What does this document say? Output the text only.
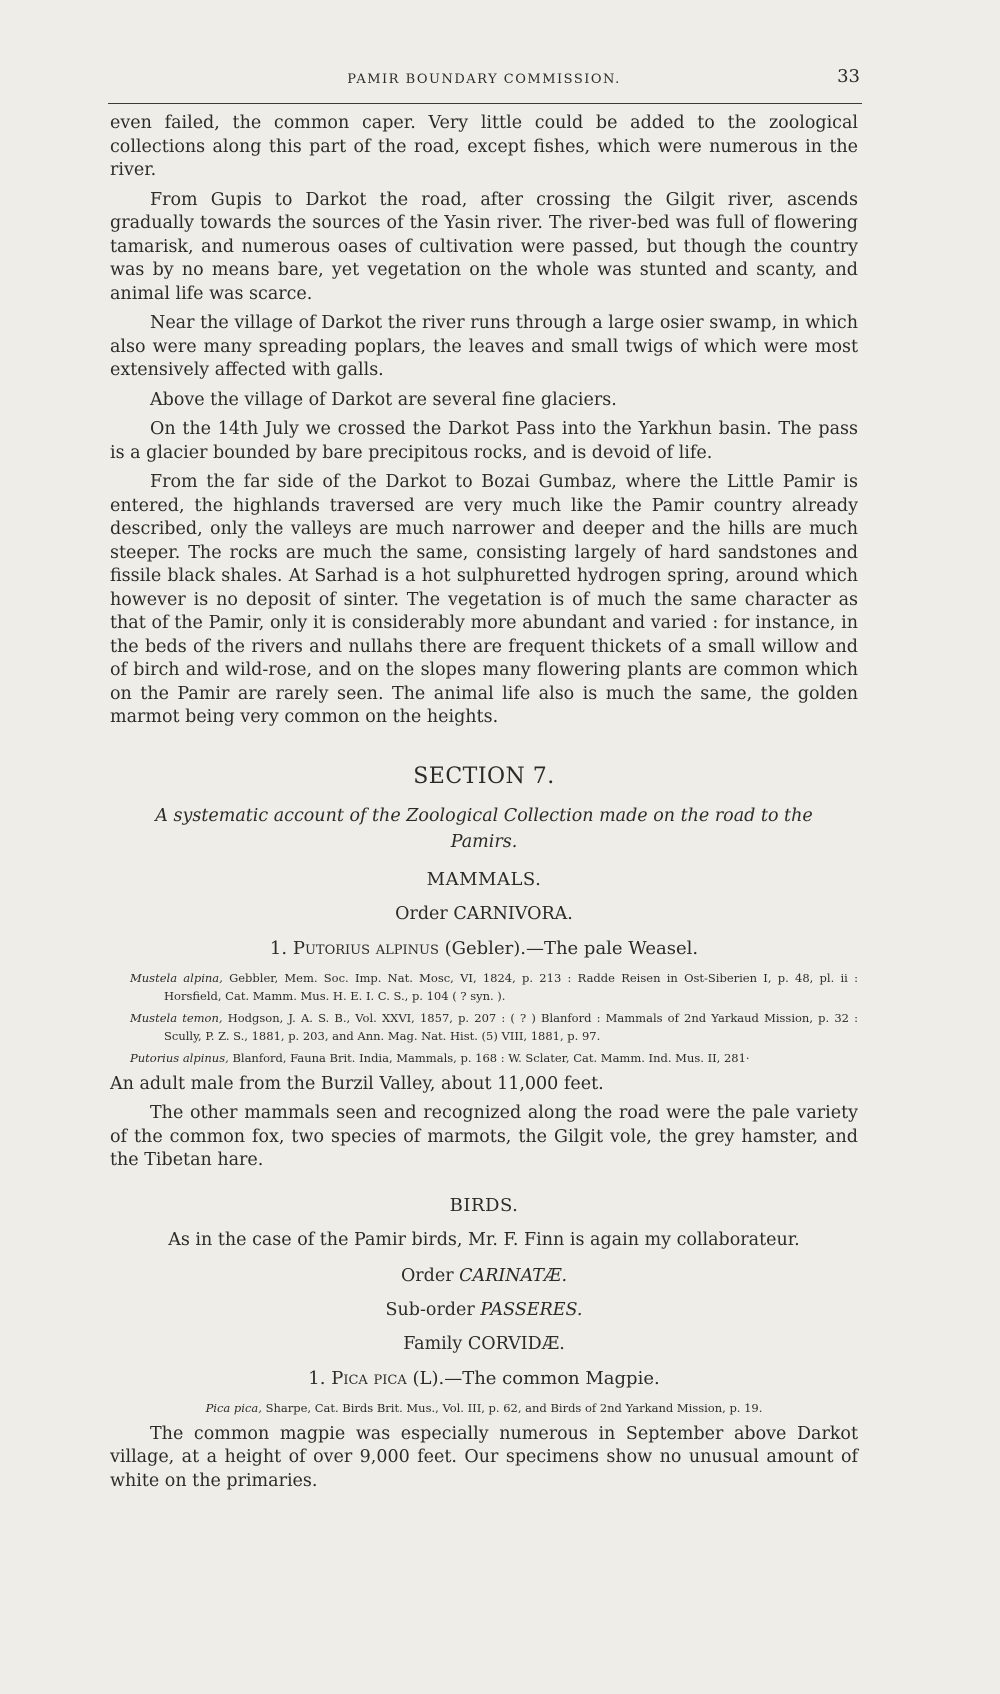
PAMIR BOUNDARY COMMISSION.	33

even failed, the common caper. Very little could be added to the zoological collections along this part of the road, except fishes, which were numerous in the river.

From Gupis to Darkot the road, after crossing the Gilgit river, ascends gradually towards the sources of the Yasin river. The river-bed was full of flowering tamarisk, and numerous oases of cultivation were passed, but though the country was by no means bare, yet vegetation on the whole was stunted and scanty, and animal life was scarce.

Near the village of Darkot the river runs through a large osier swamp, in which also were many spreading poplars, the leaves and small twigs of which were most extensively affected with galls.

Above the village of Darkot are several fine glaciers.

On the 14th July we crossed the Darkot Pass into the Yarkhun basin. The pass is a glacier bounded by bare precipitous rocks, and is devoid of life.

From the far side of the Darkot to Bozai Gumbaz, where the Little Pamir is entered, the highlands traversed are very much like the Pamir country already described, only the valleys are much narrower and deeper and the hills are much steeper. The rocks are much the same, consisting largely of hard sandstones and fissile black shales. At Sarhad is a hot sulphuretted hydrogen spring, around which however is no deposit of sinter. The vegetation is of much the same character as that of the Pamir, only it is considerably more abundant and varied : for instance, in the beds of the rivers and nullahs there are frequent thickets of a small willow and of birch and wild-rose, and on the slopes many flowering plants are common which on the Pamir are rarely seen. The animal life also is much the same, the golden marmot being very common on the heights.

SECTION 7.
A systematic account of the Zoological Collection made on the road to the Pamirs.
MAMMALS.
Order CARNIVORA.
1. Putorius alpinus (Gebler).—The pale Weasel.
Mustela alpina, Gebbler, Mem. Soc. Imp. Nat. Mosc, VI, 1824, p. 213 : Radde Reisen in Ost-Siberien I, p. 48, pl. ii : Horsfield, Cat. Mamm. Mus. H. E. I. C. S., p. 104 ( ? syn. ).
Mustela temon, Hodgson, J. A. S. B., Vol. XXVI, 1857, p. 207 : ( ? ) Blanford : Mammals of 2nd Yarkaud Mission, p. 32 : Scully, P. Z. S., 1881, p. 203, and Ann. Mag. Nat. Hist. (5) VIII, 1881, p. 97.
Putorius alpinus, Blanford, Fauna Brit. India, Mammals, p. 168 : W. Sclater, Cat. Mamm. Ind. Mus. II, 281·

An adult male from the Burzil Valley, about 11,000 feet.

The other mammals seen and recognized along the road were the pale variety of the common fox, two species of marmots, the Gilgit vole, the grey hamster, and the Tibetan hare.

BIRDS.
As in the case of the Pamir birds, Mr. F. Finn is again my collaborateur.
Order CARINATÆ.
Sub-order PASSERES.
Family CORVIDÆ.
1. Pica pica (L).—The common Magpie.
Pica pica, Sharpe, Cat. Birds Brit. Mus., Vol. III, p. 62, and Birds of 2nd Yarkand Mission, p. 19.

The common magpie was especially numerous in September above Darkot village, at a height of over 9,000 feet. Our specimens show no unusual amount of white on the primaries.
